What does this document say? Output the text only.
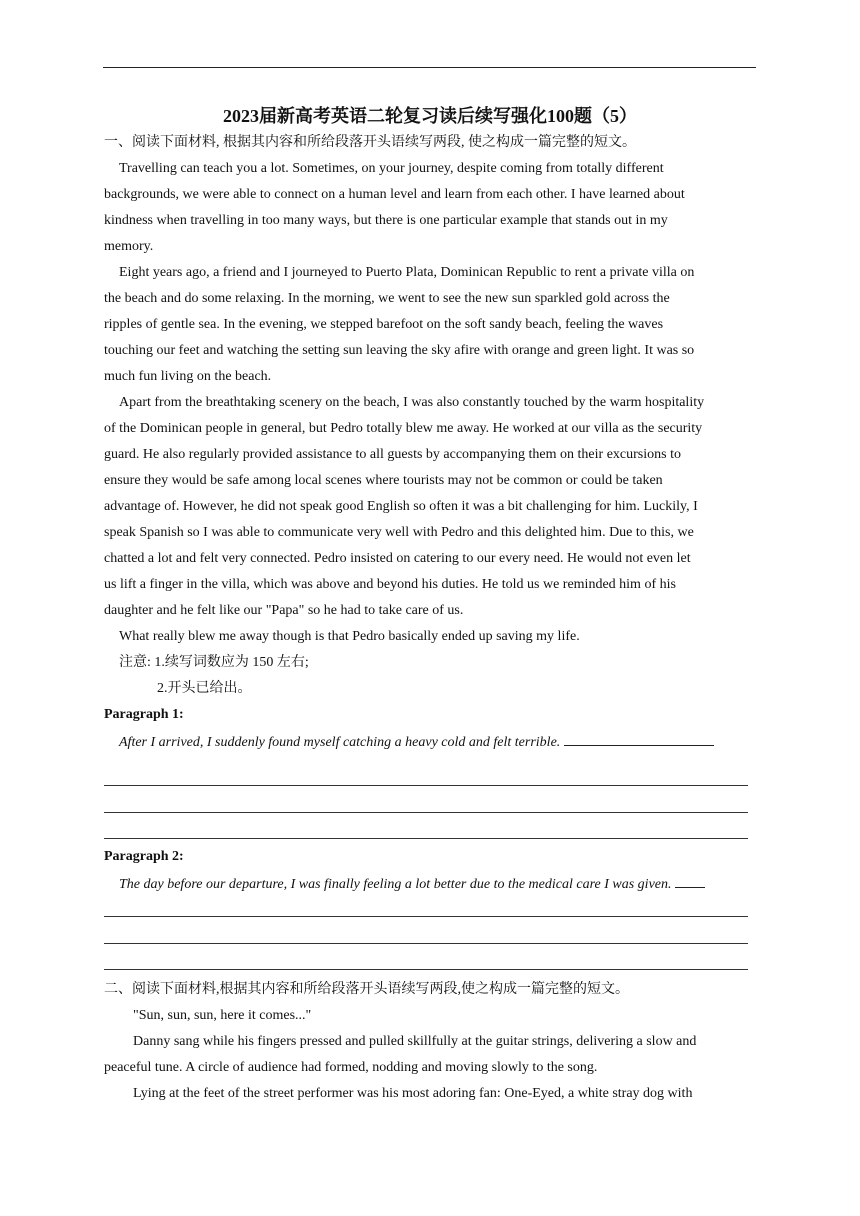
2023届新高考英语二轮复习读后续写强化100题（5）
一、阅读下面材料, 根据其内容和所给段落开头语续写两段, 使之构成一篇完整的短文。
Travelling can teach you a lot. Sometimes, on your journey, despite coming from totally different
backgrounds, we were able to connect on a human level and learn from each other. I have learned about
kindness when travelling in too many ways, but there is one particular example that stands out in my
memory.
Eight years ago, a friend and I journeyed to Puerto Plata, Dominican Republic to rent a private villa on
the beach and do some relaxing. In the morning, we went to see the new sun sparkled gold across the
ripples of gentle sea. In the evening, we stepped barefoot on the soft sandy beach, feeling the waves
touching our feet and watching the setting sun leaving the sky afire with orange and green light. It was so
much fun living on the beach.
Apart from the breathtaking scenery on the beach, I was also constantly touched by the warm hospitality
of the Dominican people in general, but Pedro totally blew me away. He worked at our villa as the security
guard. He also regularly provided assistance to all guests by accompanying them on their excursions to
ensure they would be safe among local scenes where tourists may not be common or could be taken
advantage of. However, he did not speak good English so often it was a bit challenging for him. Luckily, I
speak Spanish so I was able to communicate very well with Pedro and this delighted him. Due to this, we
chatted a lot and felt very connected. Pedro insisted on catering to our every need. He would not even let
us lift a finger in the villa, which was above and beyond his duties. He told us we reminded him of his
daughter and he felt like our "Papa" so he had to take care of us.
What really blew me away though is that Pedro basically ended up saving my life.
注意: 1.续写词数应为 150 左右;
2.开头已给出。
Paragraph 1:
After I arrived, I suddenly found myself catching a heavy cold and felt terrible.
Paragraph 2:
The day before our departure, I was finally feeling a lot better due to the medical care I was given.
二、阅读下面材料,根据其内容和所给段落开头语续写两段,使之构成一篇完整的短文。
"Sun, sun, sun, here it comes..."
Danny sang while his fingers pressed and pulled skillfully at the guitar strings, delivering a slow and
peaceful tune. A circle of audience had formed, nodding and moving slowly to the song.
Lying at the feet of the street performer was his most adoring fan: One-Eyed, a white stray dog with
